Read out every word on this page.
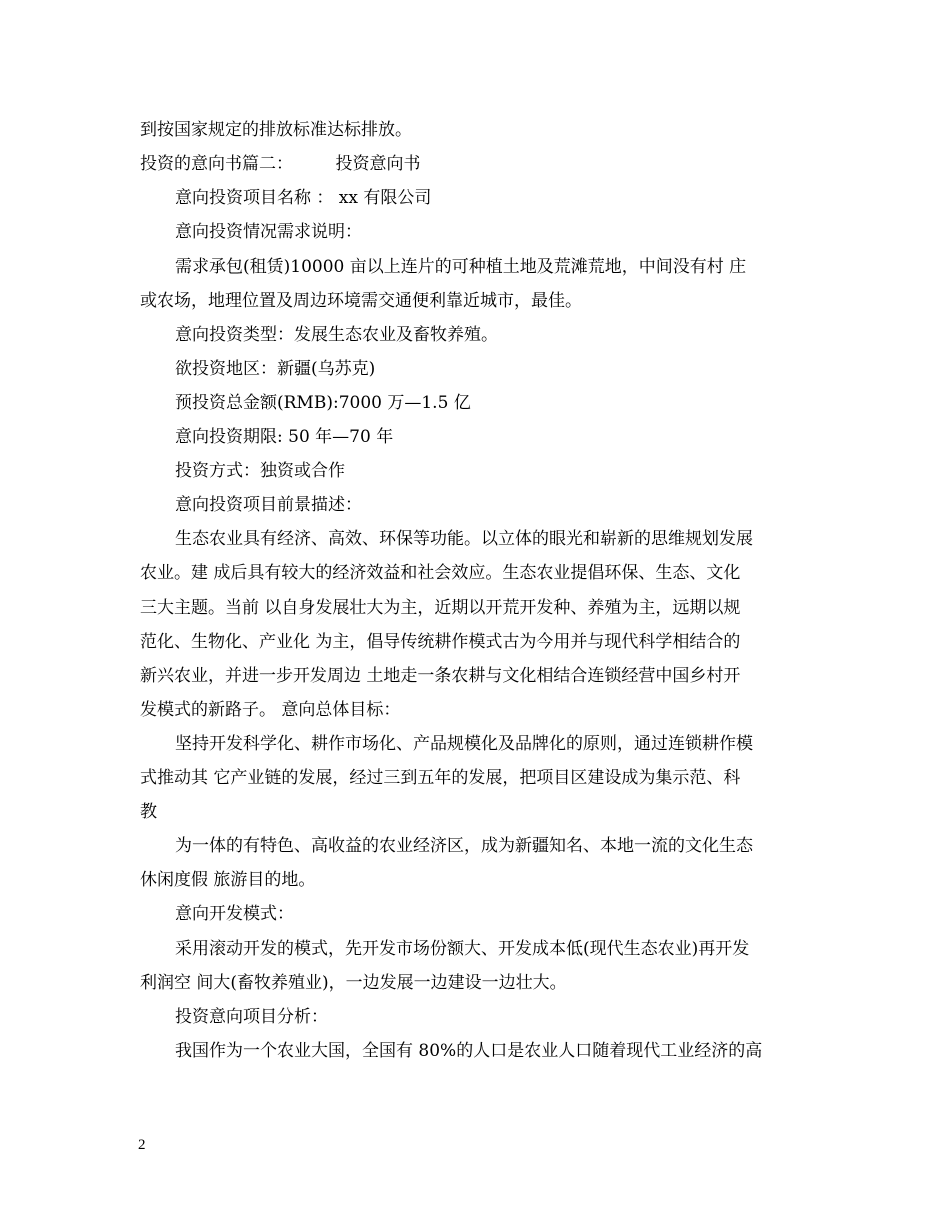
到按国家规定的排放标准达标排放。
投资的意向书篇二：　　　投资意向书
意向投资项目名称 ： xx 有限公司
意向投资情况需求说明：
需求承包(租赁)10000 亩以上连片的可种植土地及荒滩荒地，中间没有村 庄
或农场，地理位置及周边环境需交通便利靠近城市，最佳。
意向投资类型：发展生态农业及畜牧养殖。
欲投资地区：新疆(乌苏克)
预投资总金额(RMB):7000 万—1.5 亿
意向投资期限: 50 年—70 年
投资方式：独资或合作
意向投资项目前景描述：
生态农业具有经济、高效、环保等功能。以立体的眼光和崭新的思维规划发展
农业。建 成后具有较大的经济效益和社会效应。生态农业提倡环保、生态、文化
三大主题。当前 以自身发展壮大为主，近期以开荒开发种、养殖为主，远期以规
范化、生物化、产业化 为主，倡导传统耕作模式古为今用并与现代科学相结合的
新兴农业，并进一步开发周边 土地走一条农耕与文化相结合连锁经营中国乡村开
发模式的新路子。 意向总体目标：
坚持开发科学化、耕作市场化、产品规模化及品牌化的原则，通过连锁耕作模
式推动其 它产业链的发展，经过三到五年的发展，把项目区建设成为集示范、科
教
为一体的有特色、高收益的农业经济区，成为新疆知名、本地一流的文化生态
休闲度假 旅游目的地。
意向开发模式：
采用滚动开发的模式，先开发市场份额大、开发成本低(现代生态农业)再开发
利润空 间大(畜牧养殖业)，一边发展一边建设一边壮大。
投资意向项目分析：
我国作为一个农业大国，全国有 80%的人口是农业人口随着现代工业经济的高
2
